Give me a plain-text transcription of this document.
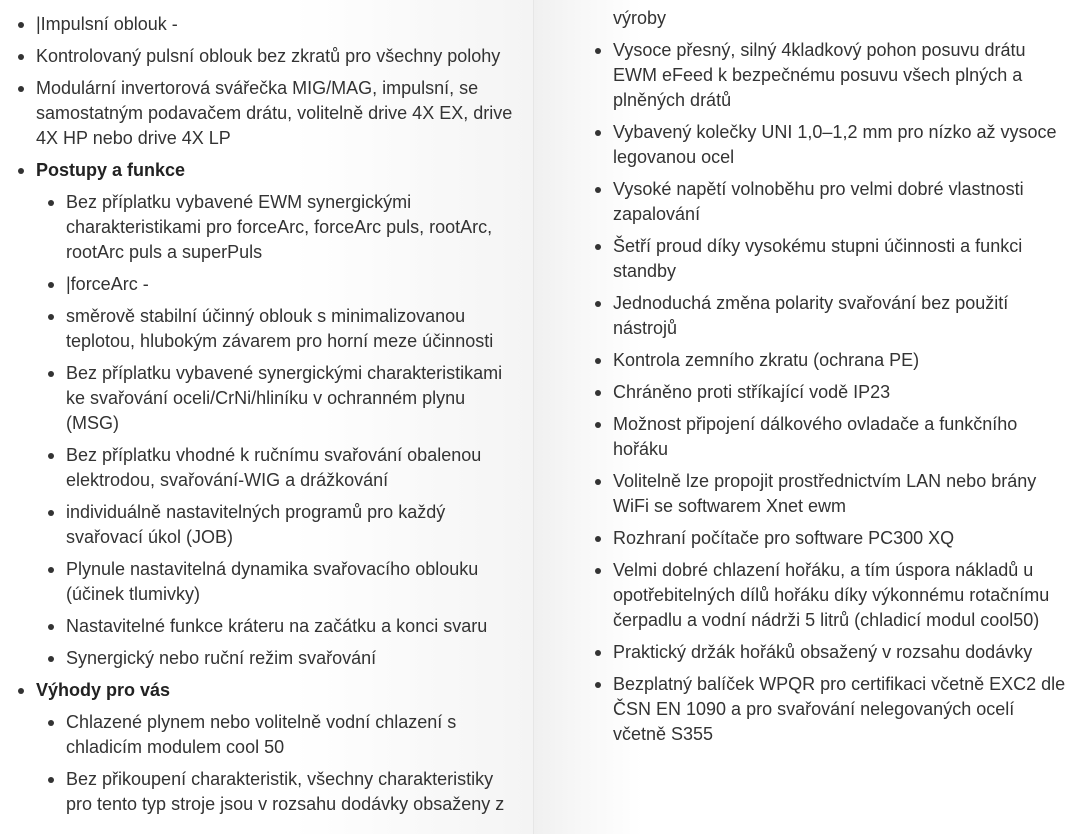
|Impulsní oblouk -
Kontrolovaný pulsní oblouk bez zkratů pro všechny polohy
Modulární invertorová svářečka MIG/MAG, impulsní, se samostatným podavačem drátu, volitelně drive 4X EX, drive 4X HP nebo drive 4X LP
Postupy a funkce
Bez příplatku vybavené EWM synergickými charakteristikami pro forceArc, forceArc puls, rootArc, rootArc puls a superPuls
|forceArc -
směrově stabilní účinný oblouk s minimalizovanou teplotou, hlubokým závarem pro horní meze účinnosti
Bez příplatku vybavené synergickými charakteristikami ke svařování oceli/CrNi/hliníku v ochranném plynu (MSG)
Bez příplatku vhodné k ručnímu svařování obalenou elektrodou, svařování-WIG a drážkování
individuálně nastavitelných programů pro každý svařovací úkol (JOB)
Plynule nastavitelná dynamika svařovacího oblouku (účinek tlumivky)
Nastavitelné funkce kráteru na začátku a konci svaru
Synergický nebo ruční režim svařování
Výhody pro vás
Chlazené plynem nebo volitelně vodní chlazení s chladicím modulem cool 50
Bez přikoupení charakteristik, všechny charakteristiky pro tento typ stroje jsou v rozsahu dodávky obsaženy z
výroby
Vysoce přesný, silný 4kladkový pohon posuvu drátu EWM eFeed k bezpečnému posuvu všech plných a plněných drátů
Vybavený kolečky UNI 1,0–1,2 mm pro nízko až vysoce legovanou ocel
Vysoké napětí volnoběhu pro velmi dobré vlastnosti zapalování
Šetří proud díky vysokému stupni účinnosti a funkci standby
Jednoduchá změna polarity svařování bez použití nástrojů
Kontrola zemního zkratu (ochrana PE)
Chráněno proti stříkající vodě IP23
Možnost připojení dálkového ovladače a funkčního hořáku
Volitelně lze propojit prostřednictvím LAN nebo brány WiFi se softwarem Xnet ewm
Rozhraní počítače pro software PC300 XQ
Velmi dobré chlazení hořáku, a tím úspora nákladů u opotřebitelných dílů hořáku díky výkonnému rotačnímu čerpadlu a vodní nádrži 5 litrů (chladicí modul cool50)
Praktický držák hořáků obsažený v rozsahu dodávky
Bezplatný balíček WPQR pro certifikaci včetně EXC2 dle ČSN EN 1090 a pro svařování nelegovaných ocelí včetně S355
